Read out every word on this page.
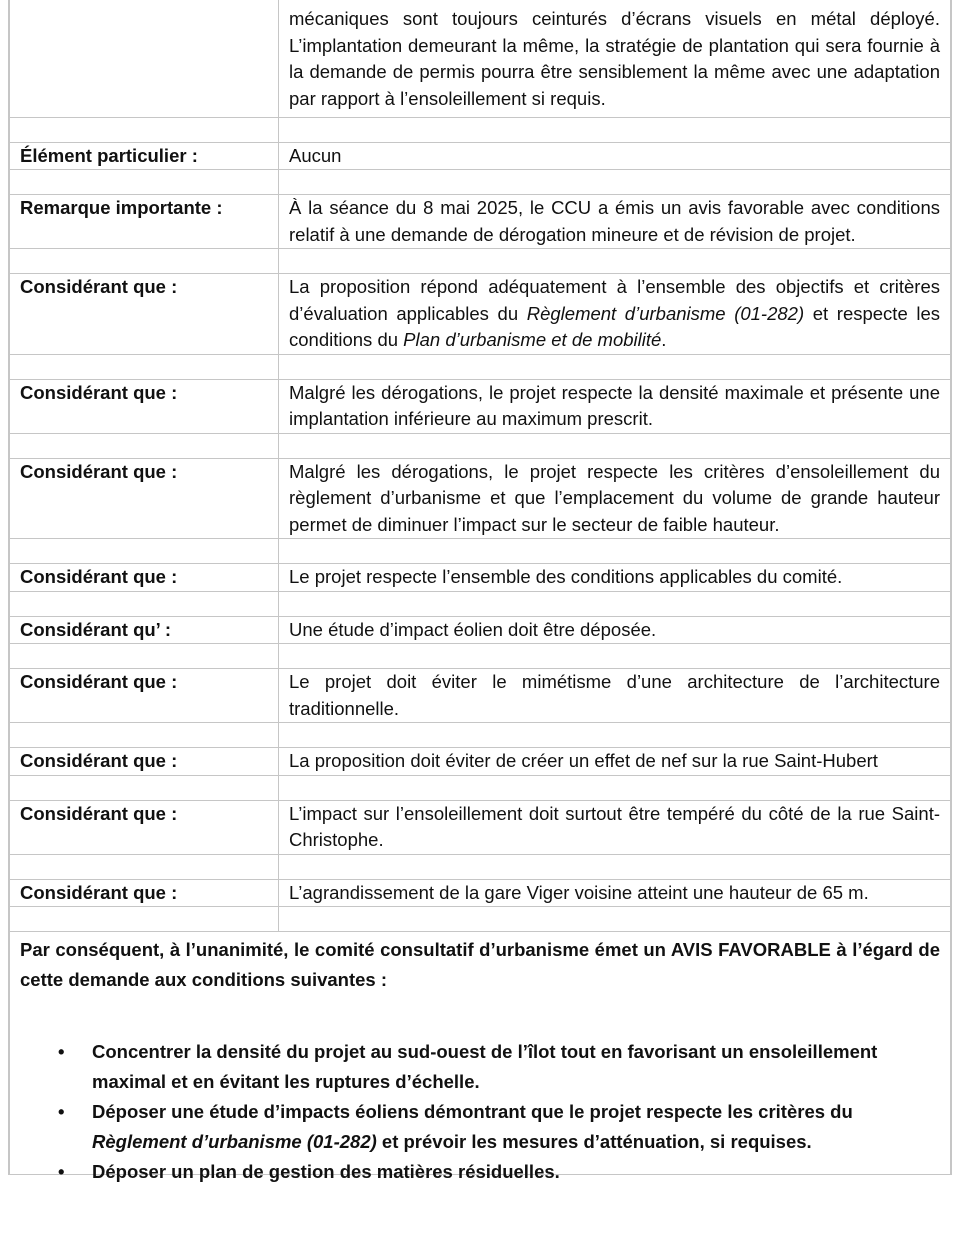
	mécaniques sont toujours ceinturés d’écrans visuels en métal déployé. L’implantation demeurant la même, la stratégie de plantation qui sera fournie à la demande de permis pourra être sensiblement la même avec une adaptation par rapport à l’ensoleillement si requis.

Élément particulier :	Aucun

Remarque importante :	À la séance du 8 mai 2025, le CCU a émis un avis favorable avec conditions relatif à une demande de dérogation mineure et de révision de projet.

Considérant que :	La proposition répond adéquatement à l’ensemble des objectifs et critères d’évaluation applicables du Règlement d’urbanisme (01-282) et respecte les conditions du Plan d’urbanisme et de mobilité.

Considérant que :	Malgré les dérogations, le projet respecte la densité maximale et présente une implantation inférieure au maximum prescrit.

Considérant que :	Malgré les dérogations, le projet respecte les critères d’ensoleillement du règlement d’urbanisme et que l’emplacement du volume de grande hauteur permet de diminuer l’impact sur le secteur de faible hauteur.

Considérant que :	Le projet respecte l’ensemble des conditions applicables du comité.

Considérant qu’ :	Une étude d’impact éolien doit être déposée.

Considérant que :	Le projet doit éviter le mimétisme d’une architecture de l’architecture traditionnelle.

Considérant que :	La proposition doit éviter de créer un effet de nef sur la rue Saint-Hubert

Considérant que :	L’impact sur l’ensoleillement doit surtout être tempéré du côté de la rue Saint-Christophe.

Considérant que :	L’agrandissement de la gare Viger voisine atteint une hauteur de 65 m.

Par conséquent, à l’unanimité, le comité consultatif d’urbanisme émet un AVIS FAVORABLE à l’égard de cette demande aux conditions suivantes :

• Concentrer la densité du projet au sud-ouest de l’îlot tout en favorisant un ensoleillement maximal et en évitant les ruptures d’échelle.
• Déposer une étude d’impacts éoliens démontrant que le projet respecte les critères du Règlement d’urbanisme (01-282) et prévoir les mesures d’atténuation, si requises.
• Déposer un plan de gestion des matières résiduelles.
